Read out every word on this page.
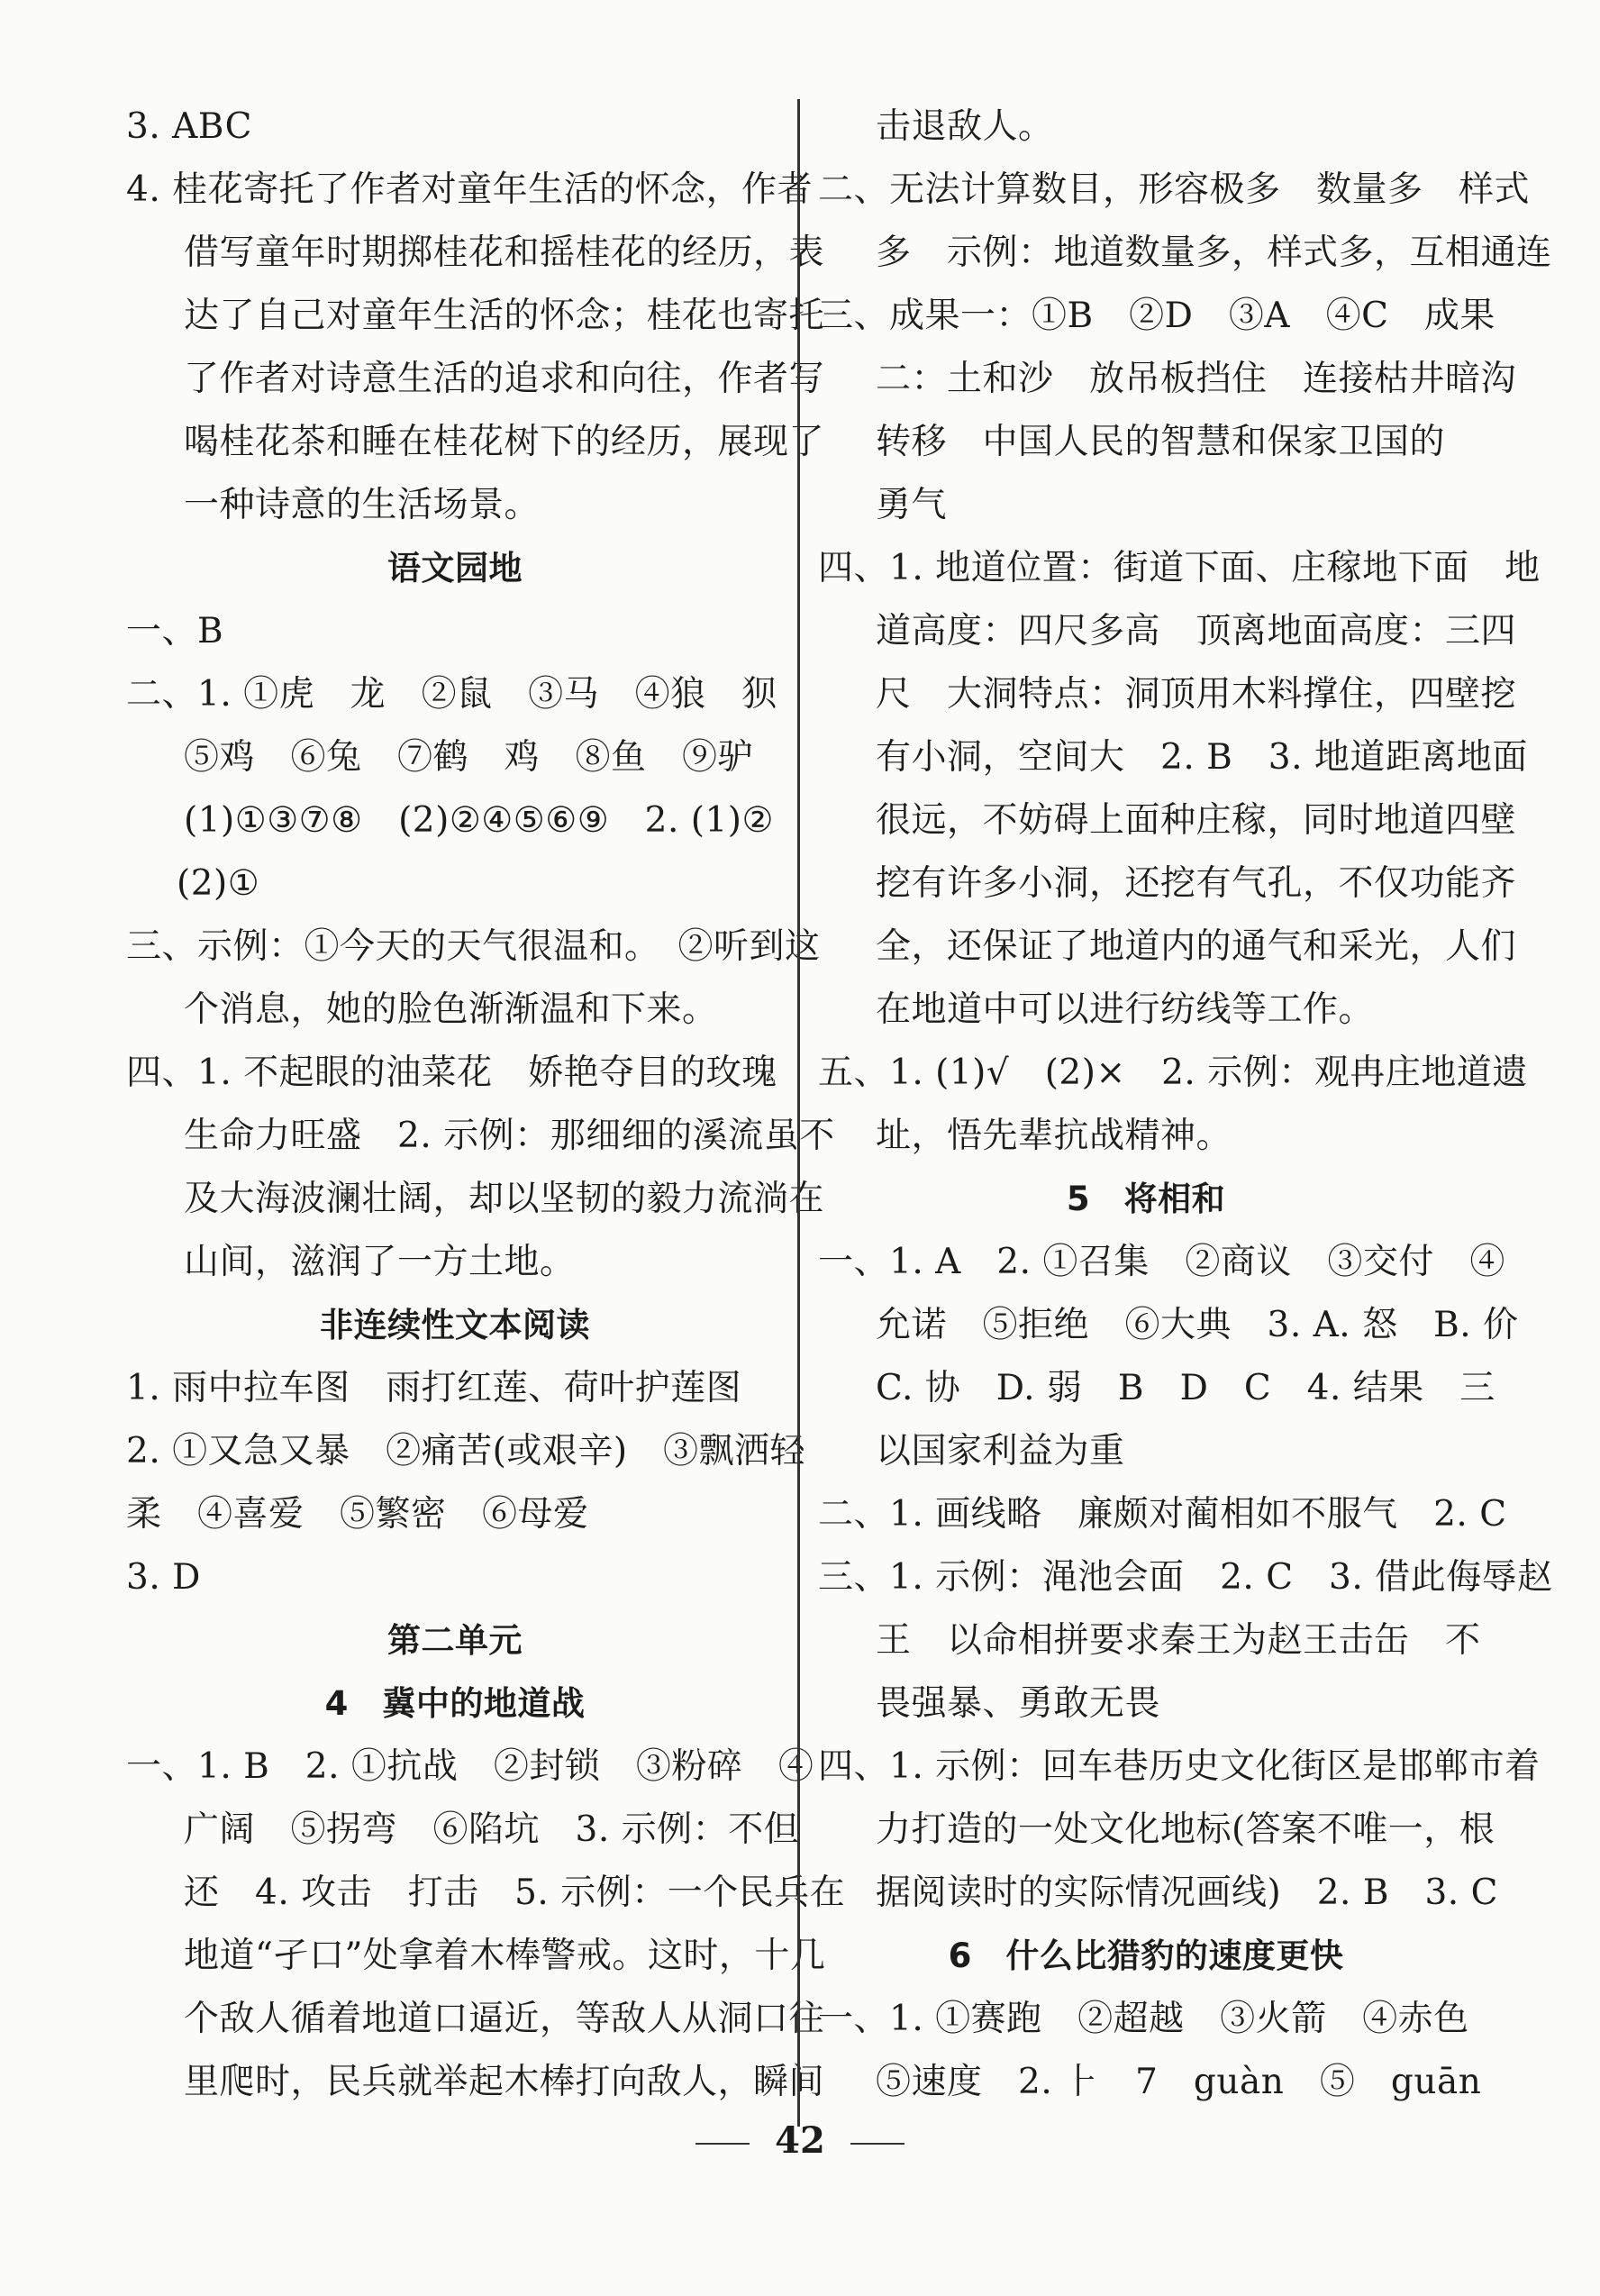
3. ABC
4. 桂花寄托了作者对童年生活的怀念，作者
借写童年时期掷桂花和摇桂花的经历，表
达了自己对童年生活的怀念；桂花也寄托
了作者对诗意生活的追求和向往，作者写
喝桂花茶和睡在桂花树下的经历，展现了
一种诗意的生活场景。
语文园地
一、B
二、1. ①虎　龙　②鼠　③马　④狼　狈
⑤鸡　⑥兔　⑦鹤　鸡　⑧鱼　⑨驴
(1)①③⑦⑧　(2)②④⑤⑥⑨　2. (1)②
(2)①
三、示例：①今天的天气很温和。　②听到这
个消息，她的脸色渐渐温和下来。
四、1. 不起眼的油菜花　娇艳夺目的玫瑰
生命力旺盛　2. 示例：那细细的溪流虽不
及大海波澜壮阔，却以坚韧的毅力流淌在
山间，滋润了一方土地。
非连续性文本阅读
1. 雨中拉车图　雨打红莲、荷叶护莲图
2. ①又急又暴　②痛苦(或艰辛)　③飘洒轻
柔　④喜爱　⑤繁密　⑥母爱
3. D
第二单元
4　冀中的地道战
一、1. B　2. ①抗战　②封锁　③粉碎　④
广阔　⑤拐弯　⑥陷坑　3. 示例：不但
还　4. 攻击　打击　5. 示例：一个民兵在
地道“孑口”处拿着木棒警戒。这时，十几
个敌人循着地道口逼近，等敌人从洞口往
里爬时，民兵就举起木棒打向敌人，瞬间
击退敌人。
二、无法计算数目，形容极多　数量多　样式
多　示例：地道数量多，样式多，互相通连
三、成果一：①B　②D　③A　④C　成果
二：土和沙　放吊板挡住　连接枯井暗沟
转移　中国人民的智慧和保家卫国的
勇气
四、1. 地道位置：街道下面、庄稼地下面　地
道高度：四尺多高　顶离地面高度：三四
尺　大洞特点：洞顶用木料撑住，四壁挖
有小洞，空间大　2. B　3. 地道距离地面
很远，不妨碍上面种庄稼，同时地道四壁
挖有许多小洞，还挖有气孔，不仅功能齐
全，还保证了地道内的通气和采光，人们
在地道中可以进行纺线等工作。
五、1. (1)√　(2)×　2. 示例：观冉庄地道遗
址，悟先辈抗战精神。
5　将相和
一、1. A　2. ①召集　②商议　③交付　④
允诺　⑤拒绝　⑥大典　3. A. 怒　B. 价
C. 协　D. 弱　B　D　C　4. 结果　三
以国家利益为重
二、1. 画线略　廉颇对蔺相如不服气　2. C
三、1. 示例：渑池会面　2. C　3. 借此侮辱赵
王　以命相拼要求秦王为赵王击缶　不
畏强暴、勇敢无畏
四、1. 示例：回车巷历史文化街区是邯郸市着
力打造的一处文化地标(答案不唯一，根
据阅读时的实际情况画线)　2. B　3. C
6　什么比猎豹的速度更快
一、1. ①赛跑　②超越　③火箭　④赤色
⑤速度　2. ⺊　7　guàn　⑤　guān
42
